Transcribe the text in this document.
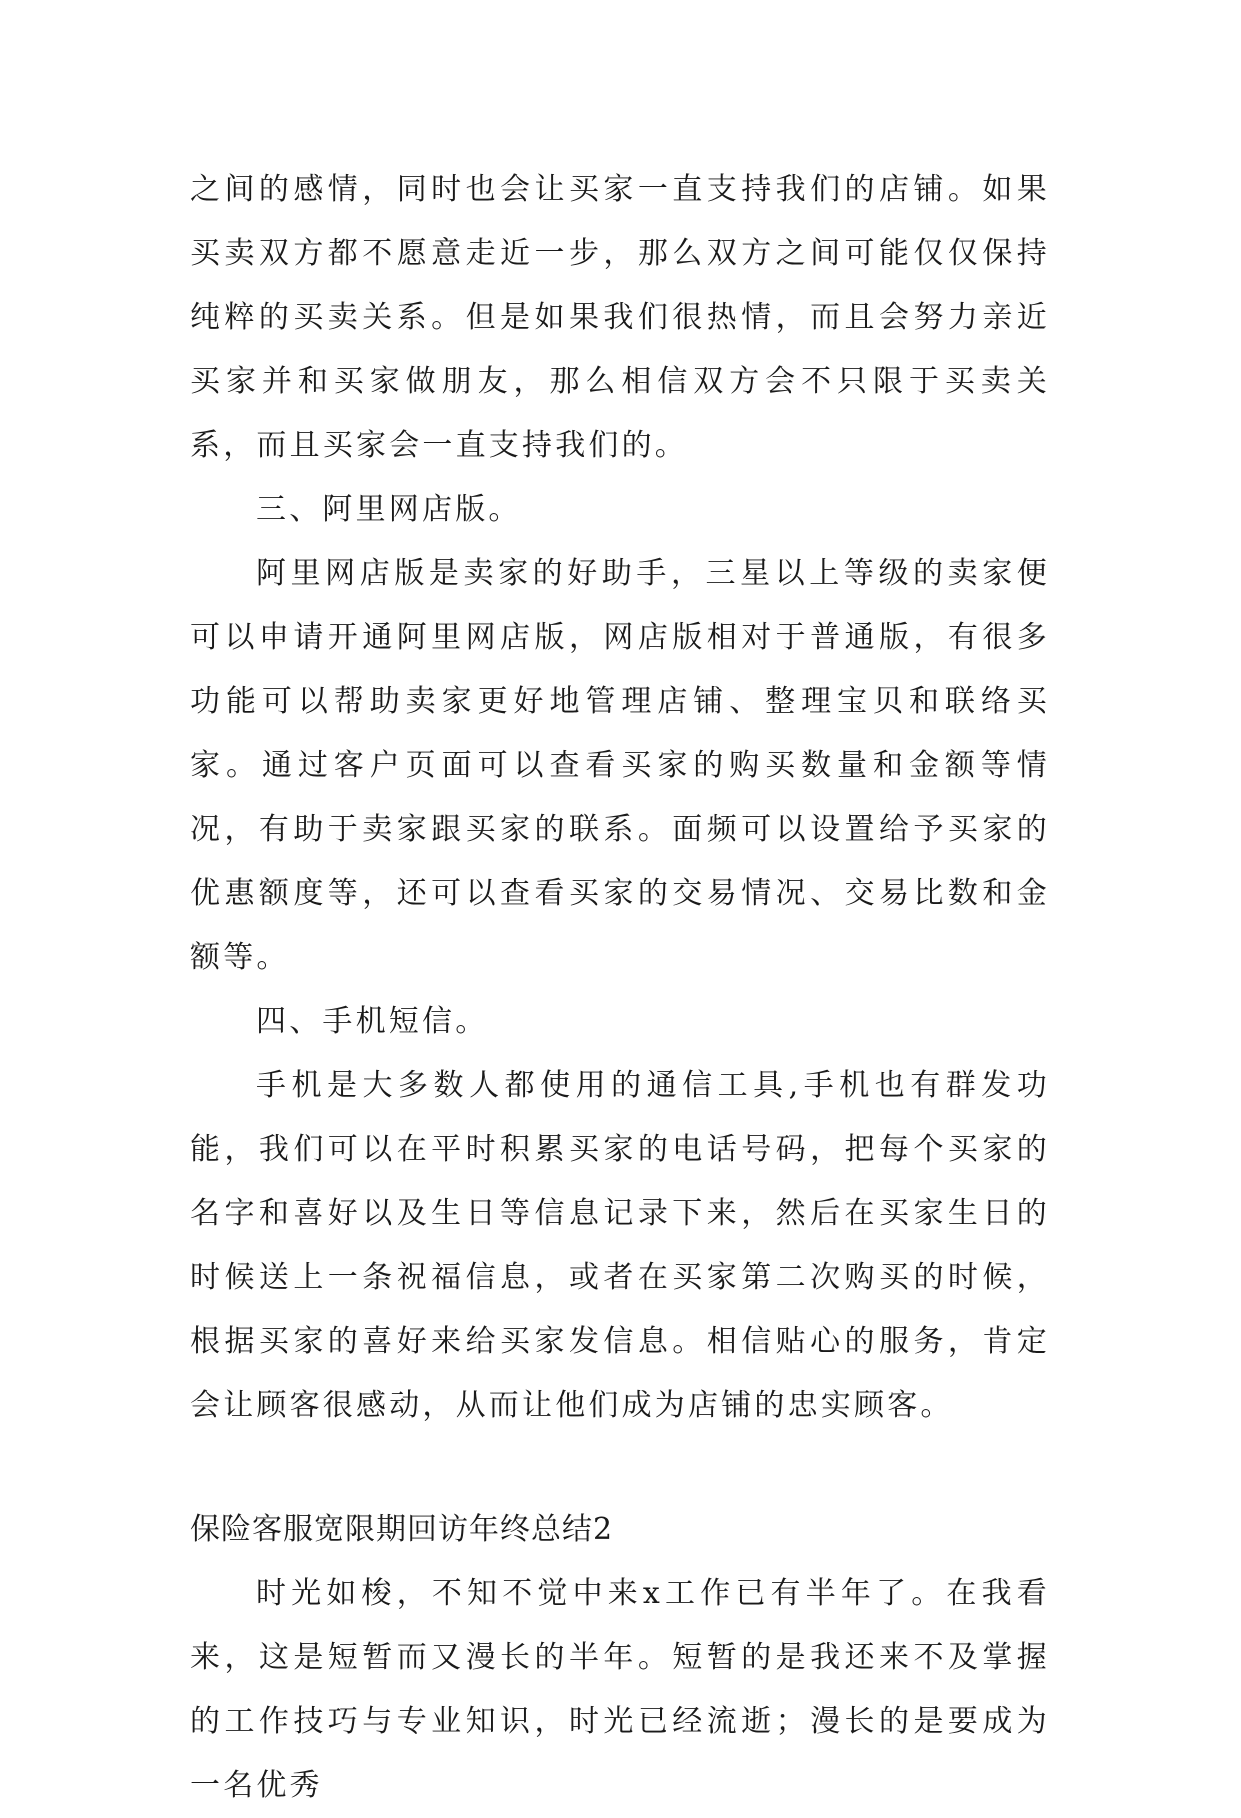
之间的感情，同时也会让买家一直支持我们的店铺。如果买卖双方都不愿意走近一步，那么双方之间可能仅仅保持纯粹的买卖关系。但是如果我们很热情，而且会努力亲近买家并和买家做朋友，那么相信双方会不只限于买卖关系，而且买家会一直支持我们的。

三、阿里网店版。

阿里网店版是卖家的好助手，三星以上等级的卖家便可以申请开通阿里网店版，网店版相对于普通版，有很多功能可以帮助卖家更好地管理店铺、整理宝贝和联络买家。通过客户页面可以查看买家的购买数量和金额等情况，有助于卖家跟买家的联系。面频可以设置给予买家的优惠额度等，还可以查看买家的交易情况、交易比数和金额等。

四、手机短信。

手机是大多数人都使用的通信工具,手机也有群发功能，我们可以在平时积累买家的电话号码，把每个买家的名字和喜好以及生日等信息记录下来，然后在买家生日的时候送上一条祝福信息，或者在买家第二次购买的时候，根据买家的喜好来给买家发信息。相信贴心的服务，肯定会让顾客很感动，从而让他们成为店铺的忠实顾客。

保险客服宽限期回访年终总结2

时光如梭，不知不觉中来x工作已有半年了。在我看来，这是短暂而又漫长的半年。短暂的是我还来不及掌握的工作技巧与专业知识，时光已经流逝；漫长的是要成为一名优秀
